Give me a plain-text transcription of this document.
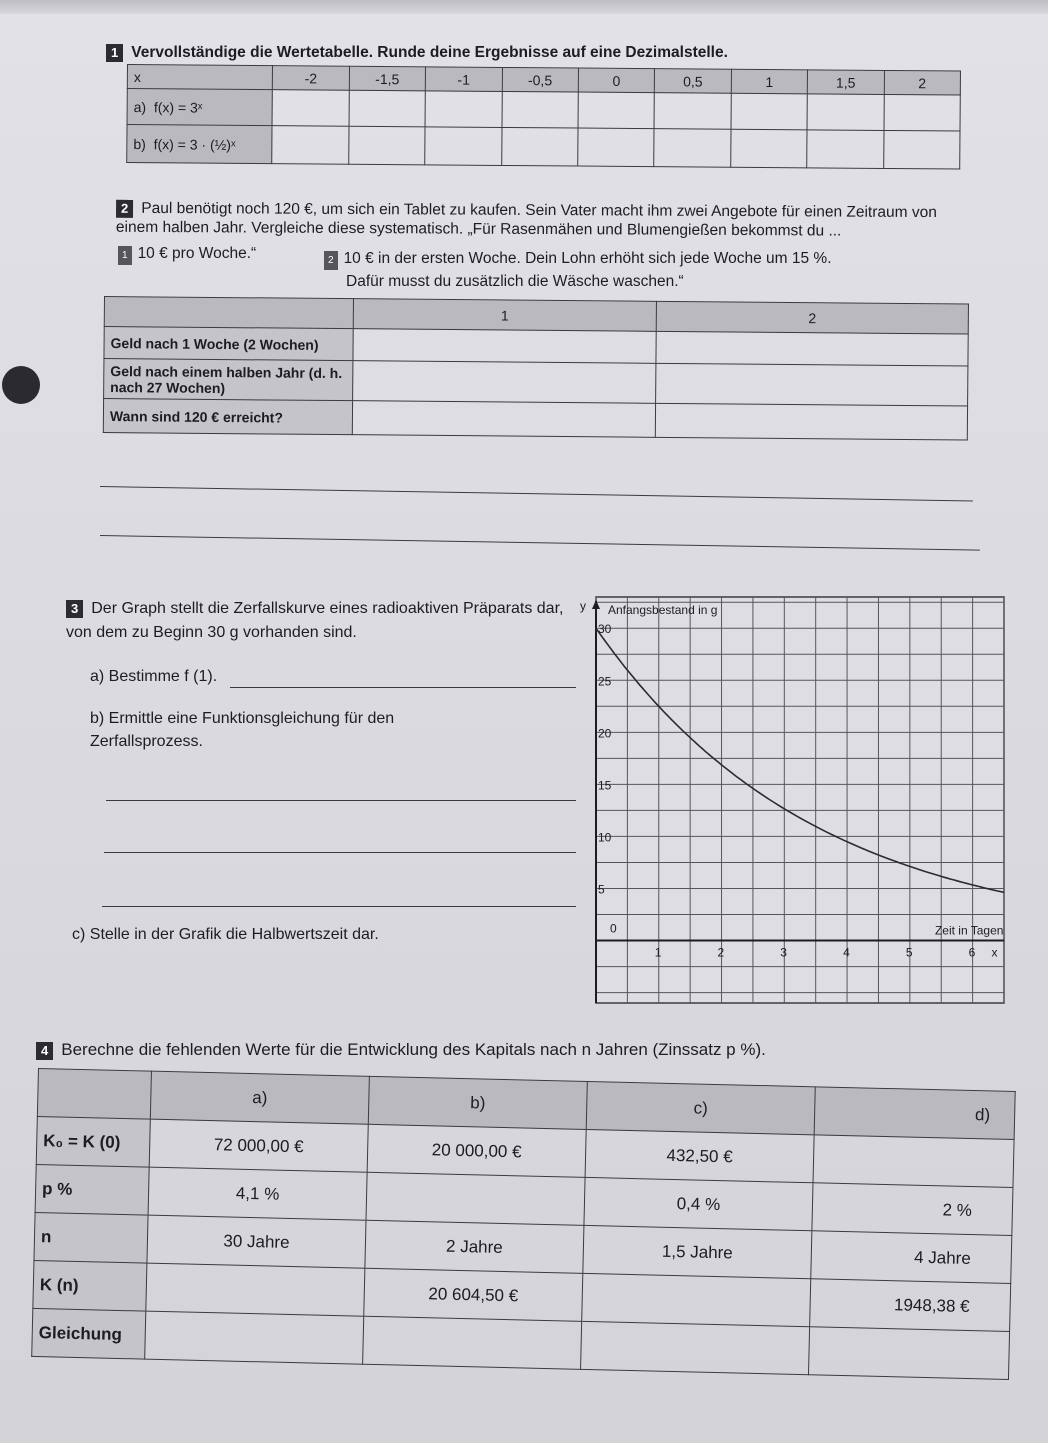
1 Vervollständige die Wertetabelle. Runde deine Ergebnisse auf eine Dezimalstelle.
x	-2	-1,5	-1	-0,5	0	0,5	1	1,5	2
a) f(x) = 3ˣ									
b) f(x) = 3 · (½)ˣ									
2 Paul benötigt noch 120 €, um sich ein Tablet zu kaufen. Sein Vater macht ihm zwei Angebote für einen Zeitraum von einem halben Jahr. Vergleiche diese systematisch. „Für Rasenmähen und Blumengießen bekommst du ...
1 10 € pro Woche.“	2 10 € in der ersten Woche. Dein Lohn erhöht sich jede Woche um 15 %.
Dafür musst du zusätzlich die Wäsche waschen.“
	1	2
Geld nach 1 Woche (2 Wochen)		
Geld nach einem halben Jahr (d. h. nach 27 Wochen)		
Wann sind 120 € erreicht?		
3 Der Graph stellt die Zerfallskurve eines radioaktiven Präparats dar, von dem zu Beginn 30 g vorhanden sind.
a) Bestimme f (1).
b) Ermittle eine Funktionsgleichung für den Zerfallsprozess.
c) Stelle in der Grafik die Halbwertszeit dar.
5
10
15
20
25
30
0
1	2	3	4	5	6
Anfangsbestand in g
y
Zeit in Tagen
x
4 Berechne die fehlenden Werte für die Entwicklung des Kapitals nach n Jahren (Zinssatz p %).
	a)	b)	c)	d)
K₀ = K (0)	72 000,00 €	20 000,00 €	432,50 €	
p %	4,1 %		0,4 %	2 %
n	30 Jahre	2 Jahre	1,5 Jahre	4 Jahre
K (n)		20 604,50 €		1948,38 €
Gleichung				
